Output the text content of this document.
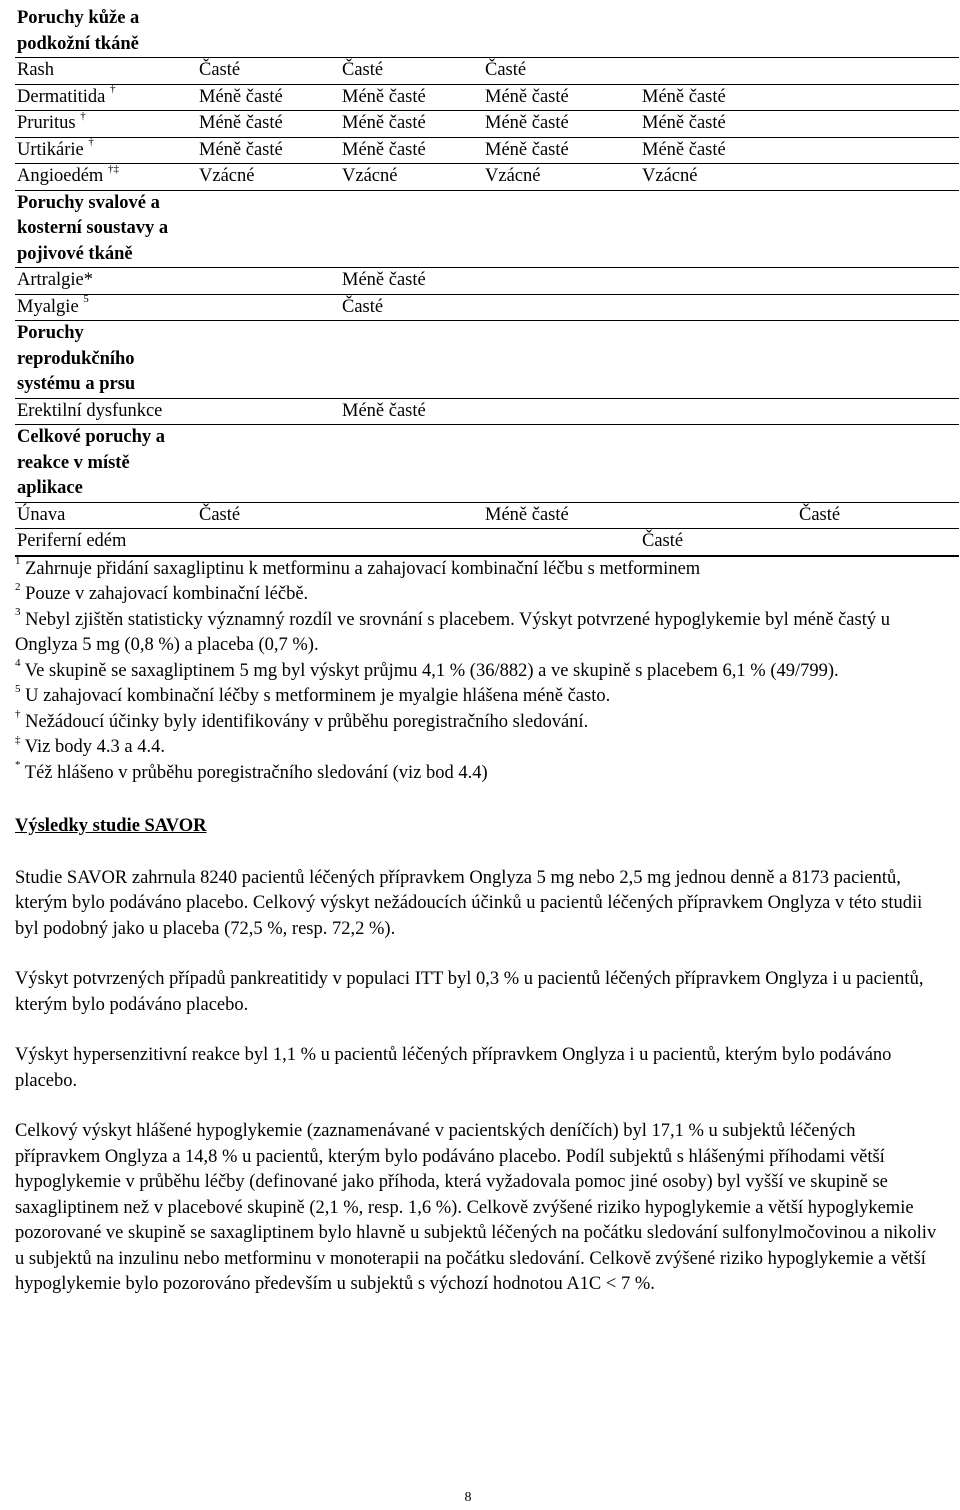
Poruchy kůže a podkožní tkáně						
Rash	Časté	Časté	Časté			
Dermatitida †	Méně časté	Méně časté	Méně časté	Méně časté		
Pruritus †	Méně časté	Méně časté	Méně časté	Méně časté		
Urtikárie †	Méně časté	Méně časté	Méně časté	Méně časté		
Angioedém †‡	Vzácné	Vzácné	Vzácné	Vzácné		
Poruchy svalové a kosterní soustavy a pojivové tkáně						
Artralgie*		Méně časté				
Myalgie $^5$		Časté				
Poruchy reprodukčního systému a prsu						
Erektilní dysfunkce		Méně časté				
Celkové poruchy a reakce v místě aplikace						
Únava	Časté		Méně časté		Časté	
Periferní edém				Časté		
$^1$ Zahrnuje přidání saxagliptinu k metforminu a zahajovací kombinační léčbu s metforminem
$^2$ Pouze v zahajovací kombinační léčbě.
$^3$ Nebyl zjištěn statisticky významný rozdíl ve srovnání s placebem. Výskyt potvrzené hypoglykemie byl méně častý u Onglyza 5 mg (0,8 %) a placeba (0,7 %).
$^4$ Ve skupině se saxagliptinem 5 mg byl výskyt průjmu 4,1 % (36/882) a ve skupině s placebem 6,1 % (49/799).
$^5$ U zahajovací kombinační léčby s metforminem je myalgie hlášena méně často.
† Nežádoucí účinky byly identifikovány v průběhu poregistračního sledování.
‡ Viz body 4.3 a 4.4.
* Též hlášeno v průběhu poregistračního sledování (viz bod 4.4)
Výsledky studie SAVOR
Studie SAVOR zahrnula 8240 pacientů léčených přípravkem Onglyza 5 mg nebo 2,5 mg jednou denně a 8173 pacientů, kterým bylo podáváno placebo. Celkový výskyt nežádoucích účinků u pacientů léčených přípravkem Onglyza v této studii byl podobný jako u placeba (72,5 %, resp. 72,2 %).
Výskyt potvrzených případů pankreatitidy v populaci ITT byl 0,3 % u pacientů léčených přípravkem Onglyza i u pacientů, kterým bylo podáváno placebo.
Výskyt hypersenzitivní reakce byl 1,1 % u pacientů léčených přípravkem Onglyza i u pacientů, kterým bylo podáváno placebo.
Celkový výskyt hlášené hypoglykemie (zaznamenávané v pacientských deníčích) byl 17,1 % u subjektů léčených přípravkem Onglyza a 14,8 % u pacientů, kterým bylo podáváno placebo. Podíl subjektů s hlášenými příhodami větší hypoglykemie v průběhu léčby (definované jako příhoda, která vyžadovala pomoc jiné osoby) byl vyšší ve skupině se saxagliptinem než v placebové skupině (2,1 %, resp. 1,6 %). Celkově zvýšené riziko hypoglykemie a větší hypoglykemie pozorované ve skupině se saxagliptinem bylo hlavně u subjektů léčených na počátku sledování sulfonylmočovinou a nikoliv u subjektů na inzulinu nebo metforminu v monoterapii na počátku sledování. Celkově zvýšené riziko hypoglykemie a větší hypoglykemie bylo pozorováno především u subjektů s výchozí hodnotou A1C < 7 %.
8
